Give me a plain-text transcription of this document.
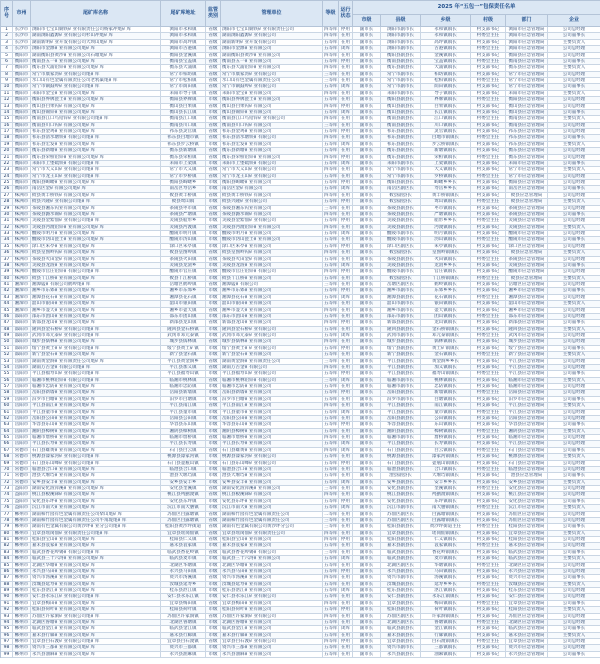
序号	市州	尾矿库名称	尾矿库地址	监管类别	管理单位	等级 运行状态
2025 年“五包一”包保责任名单
市级	县级	乡级	村级	部门	企业
1	长沙市 浏阳市七宝山铜铁矿业有限责任公司杨家冲尾矿库	浏阳市永和镇	省级	浏阳市七宝山铜铁矿业有限责任公司	四等库 停用	副市长	浏阳市副市长	永和镇镇长	村支部书记	浏阳市应急管理局	公司总经理
2	长沙市 湖南浏阳鑫源矿业有限公司杉山冲尾矿库	浏阳市永和镇	省级	湖南浏阳鑫源矿业有限公司	四等库 在用	副市长	浏阳市副市长	永和镇镇长	村委会主任	浏阳市应急管理局	公司董事长
3	长沙市 湖南新明矿业开发有限公司大坝山尾矿库	浏阳市高坪镇	省级	湖南新明矿业开发有限公司	五等库 在用	副市长	浏阳市副市长	高坪镇镇长	村支部书记	浏阳市应急管理局	主要负责人
4	长沙市 浏阳市金源矿业有限公司尾矿库	浏阳市古港镇	省级	浏阳市金源矿业有限公司	五等库 闭库	副市长	浏阳市副市长	古港镇镇长	村委会主任	浏阳市应急管理局	公司总经理
5	衡阳市 湖南衡阳县黄沙矿业有限公司石塘尾矿库	衡阳县金溪镇	省级	湖南衡阳县黄沙矿业有限公司	四等库 在用	副市长	衡阳县副县长	金溪镇镇长	村支部书记	衡阳县应急管理局	公司总经理
6	衡阳市 衡南县五一矿业有限公司尾矿库	衡南县宝盖镇	省级	衡南县五一矿业有限公司	五等库 停用	副市长	衡南县副县长	宝盖镇镇长	村委会主任	衡南县应急管理局	公司董事长
7	衡阳市 衡东县大浦铅锌矿业有限公司尾矿库	衡东县大浦镇	省级	衡东县大浦铅锌矿业有限公司	四等库 在用	副市长	衡东县副县长	大浦镇镇长	村支部书记	衡东县应急管理局	主要负责人
8	衡阳市 常宁市康家湾矿业有限公司尾矿库	常宁市柏坊镇	省级	常宁市康家湾矿业有限公司	三等库 在用	副市长	常宁市副市长	柏坊镇镇长	村支部书记	常宁市应急管理局	公司总经理
9	衡阳市 水口山有色金属有限责任公司老鸦巢尾矿库	常宁市松柏镇	省级	水口山有色金属有限责任公司	三等库 在用	副市长	常宁市副市长	松柏镇镇长	村委会主任	常宁市应急管理局	公司总经理
10	衡阳市 常宁市铜鼓岭矿业有限公司尾矿库	常宁市荫田镇	省级	常宁市铜鼓岭矿业有限公司	五等库 闭库	副市长	常宁市副市长	荫田镇镇长	村支部书记	常宁市应急管理局	公司董事长
11	衡阳市 耒阳市金宝矿业有限公司尾矿库	耒阳市导子镇	省级	耒阳市金宝矿业有限公司	四等库 在用	副市长	耒阳市副市长	导子镇镇长	村支部书记	耒阳市应急管理局	主要负责人
12	衡阳市 衡阳县界牌瓷土矿业有限公司尾矿库	衡阳县界牌镇	市级	衡阳县界牌瓷土矿业有限公司	五等库 在用	副市长	衡阳县副县长	界牌镇镇长	村委会主任	衡阳县应急管理局	公司总经理
13	衡阳市 衡山县白果钨矿有限公司尾矿库	衡山县白果镇	省级	衡山县白果钨矿有限公司	四等库 停用	副市长	衡山县副县长	白果镇镇长	村支部书记	衡山县应急管理局	公司总经理
14	衡阳市 衡山县锡锌矿业有限公司尾矿库	衡山县长江镇	市级	衡山县锡锌矿业有限公司	五等库 闭库	副市长	衡山县副县长	长江镇镇长	村支部书记	衡山县应急管理局	公司董事长
15	衡阳市 衡南县江口鸟铅锌矿业有限公司尾矿库	衡南县江口镇	省级	衡南县江口鸟铅锌矿业有限公司	四等库 在用	副市长	衡南县副县长	江口镇镇长	村委会主任	衡南县应急管理局	主要负责人
16	衡阳市 衡南县川口钨矿有限公司尾矿库	衡南县川口镇	省级	衡南县川口钨矿有限公司	三等库 在用	副市长	衡南县副县长	川口镇镇长	村支部书记	衡南县应急管理局	公司总经理
17	衡阳市 祁东县金鸡矿业有限公司尾矿库	祁东县灵官镇	省级	祁东县金鸡矿业有限公司	五等库 停用	副市长	祁东县副县长	灵官镇镇长	村支部书记	祁东县应急管理局	公司总经理
18	衡阳市 祁东县清水塘铁矿有限公司尾矿库	祁东县白地市镇	省级	祁东县清水塘铁矿有限公司	四等库 在用	副市长	祁东县副县长	白地市镇镇长	村委会主任	祁东县应急管理局	公司董事长
19	衡阳市 祁东县宏发矿业有限公司尾矿库	祁东县步云桥镇	市级	祁东县宏发矿业有限公司	五等库 闭库	副市长	祁东县副县长	步云桥镇镇长	村支部书记	祁东县应急管理局	主要负责人
20	衡阳市 衡东县新塘矿业有限公司尾矿库	衡东县新塘镇	省级	衡东县新塘矿业有限公司	五等库 在用	副市长	衡东县副县长	新塘镇镇长	村支部书记	衡东县应急管理局	公司总经理
21	衡阳市 衡东县荣桓铅锌矿业有限公司尾矿库	衡东县荣桓镇	省级	衡东县荣桓铅锌矿业有限公司	四等库 停用	副市长	衡东县副县长	荣桓镇镇长	村委会主任	衡东县应急管理局	公司总经理
22	衡阳市 耒阳市上堡硫铁矿有限公司尾矿库	耒阳市上架镇	市级	耒阳市上堡硫铁矿有限公司	五等库 闭库	副市长	耒阳市副市长	上架镇镇长	村支部书记	耒阳市应急管理局	公司董事长
23	衡阳市 常宁市大义山矿业有限公司尾矿库	常宁市大义镇	省级	常宁市大义山矿业有限公司	四等库 在用	副市长	常宁市副市长	大义镇镇长	村支部书记	常宁市应急管理局	主要负责人
24	衡阳市 常宁市龙王山矿业有限公司尾矿库	常宁市罗桥镇	省级	常宁市龙王山矿业有限公司	五等库 在用	副市长	常宁市副市长	罗桥镇镇长	村委会主任	常宁市应急管理局	公司总经理
25	衡阳市 衡阳县岣嵝矿业有限公司尾矿库	衡阳县岣嵝乡	市级	衡阳县岣嵝矿业有限公司	五等库 停用	副市长	衡阳县副县长	岣嵝乡乡长	村支部书记	衡阳县应急管理局	公司总经理
26	衡阳市 南岳区金矿有限公司尾矿库	南岳区寿岳乡	市级	南岳区金矿有限公司	五等库 闭库	副市长	南岳区副区长	寿岳乡乡长	村支部书记	南岳区应急管理局	公司董事长
27	株洲市 攸县黄丰桥铁矿有限公司尾矿库	攸县黄丰桥镇	省级	攸县黄丰桥铁矿有限公司	四等库 在用	副市长	攸县副县长	黄丰桥镇镇长	村支部书记	攸县应急管理局	公司总经理
28	株洲市 攸县兴隆矿业有限公司尾矿库	攸县鸾山镇	市级	攸县兴隆矿业有限公司	五等库 停用	副市长	攸县副县长	鸾山镇镇长	村委会主任	攸县应急管理局	主要负责人
29	株洲市 茶陵县湘东钨业有限公司尾矿库	茶陵县枣市镇	省级	茶陵县湘东钨业有限公司	三等库 在用	副市长	茶陵县副县长	枣市镇镇长	村支部书记	茶陵县应急管理局	公司总经理
30	株洲市 茶陵县潞水锡矿有限公司尾矿库	茶陵县严塘镇	省级	茶陵县潞水锡矿有限公司	四等库 在用	副市长	茶陵县副县长	严塘镇镇长	村支部书记	茶陵县应急管理局	公司董事长
31	株洲市 炎陵县金紫仙矿业有限公司尾矿库	炎陵县船形乡	市级	炎陵县金紫仙矿业有限公司	五等库 停用	副市长	炎陵县副县长	船形乡乡长	村委会主任	炎陵县应急管理局	公司总经理
32	株洲市 炎陵县沔渡铅锌矿业有限公司尾矿库	炎陵县沔渡镇	省级	炎陵县沔渡铅锌矿业有限公司	四等库 在用	副市长	炎陵县副县长	沔渡镇镇长	村支部书记	炎陵县应急管理局	主要负责人
33	株洲市 醴陵市明月矿业有限公司尾矿库	醴陵市明月镇	市级	醴陵市明月矿业有限公司	五等库 闭库	副市长	醴陵市副市长	明月镇镇长	村支部书记	醴陵市应急管理局	公司总经理
34	株洲市 醴陵市沩山瓷土矿业有限公司尾矿库	醴陵市沩山镇	市级	醴陵市沩山瓷土矿业有限公司	五等库 在用	副市长	醴陵市副市长	沩山镇镇长	村委会主任	醴陵市应急管理局	公司董事长
35	株洲市 渌口区朱亭矿业有限公司尾矿库	渌口区朱亭镇	市级	渌口区朱亭矿业有限公司	五等库 停用	副市长	渌口区副区长	朱亭镇镇长	村支部书记	渌口区应急管理局	公司总经理
36	株洲市 攸县皇图岭钨矿有限公司尾矿库	攸县皇图岭镇	省级	攸县皇图岭钨矿有限公司	四等库 在用	副市长	攸县副县长	皇图岭镇镇长	村支部书记	攸县应急管理局	主要负责人
37	株洲市 茶陵县火田金矿有限公司尾矿库	茶陵县火田镇	省级	茶陵县火田金矿有限公司	五等库 在用	副市长	茶陵县副县长	火田镇镇长	村委会主任	茶陵县应急管理局	公司总经理
38	株洲市 炎陵县龙渣矿业有限公司尾矿库	炎陵县龙渣乡	市级	炎陵县龙渣矿业有限公司	五等库 闭库	副市长	炎陵县副县长	龙渣乡乡长	村支部书记	炎陵县应急管理局	公司董事长
39	株洲市 醴陵市官庄铅锌矿有限公司尾矿库	醴陵市官庄镇	省级	醴陵市官庄铅锌矿有限公司	四等库 停用	副市长	醴陵市副市长	官庄镇镇长	村支部书记	醴陵市应急管理局	公司总经理
40	株洲市 攸县丫江桥矿业有限公司尾矿库	攸县丫江桥镇	市级	攸县丫江桥矿业有限公司	五等库 在用	副市长	攸县副县长	丫江桥镇镇长	村委会主任	攸县应急管理局	主要负责人
41	湘潭市 湘潭锰矿有限公司鹤岭尾矿库	岳塘区鹤岭镇	省级	湘潭锰矿有限公司	三等库 在用	副市长	岳塘区副区长	鹤岭镇镇长	村支部书记	岳塘区应急管理局	公司总经理
42	湘潭市 湘乡市东郊矿业有限公司尾矿库	湘乡市东郊乡	市级	湘乡市东郊矿业有限公司	五等库 停用	副市长	湘乡市副市长	东郊乡乡长	村支部书记	湘乡市应急管理局	公司董事长
43	湘潭市 湘潭县花石矿业有限公司尾矿库	湘潭县花石镇	市级	湘潭县花石矿业有限公司	五等库 闭库	副市长	湘潭县副县长	花石镇镇长	村委会主任	湘潭县应急管理局	公司总经理
44	湘潭市 韶山市银田矿业有限公司尾矿库	韶山市银田镇	市级	韶山市银田矿业有限公司	五等库 在用	副市长	韶山市副市长	银田镇镇长	村支部书记	韶山市应急管理局	主要负责人
45	湘潭市 湘乡市壶天矿业有限公司尾矿库	湘乡市壶天镇	省级	湘乡市壶天矿业有限公司	四等库 在用	副市长	湘乡市副市长	壶天镇镇长	村支部书记	湘乡市应急管理局	公司总经理
46	邵阳市 邵东市团山矿业有限公司尾矿库	邵东市团山镇	市级	邵东市团山矿业有限公司	五等库 在用	副市长	邵东市副市长	团山镇镇长	村委会主任	邵东市应急管理局	公司总经理
47	邵阳市 新邵县龙山矿业有限公司尾矿库	新邵县龙山镇	省级	新邵县龙山矿业有限公司	四等库 停用	副市长	新邵县副县长	龙山镇镇长	村支部书记	新邵县应急管理局	公司董事长
48	邵阳市 隆回县金石桥矿业有限公司尾矿库	隆回县金石桥镇	市级	隆回县金石桥矿业有限公司	五等库 在用	副市长	隆回县副县长	金石桥镇镇长	村支部书记	隆回县应急管理局	主要负责人
49	邵阳市 武冈市邓元泰矿业有限公司尾矿库	武冈市邓元泰镇	市级	武冈市邓元泰矿业有限公司	五等库 闭库	副市长	武冈市副市长	邓元泰镇镇长	村委会主任	武冈市应急管理局	公司总经理
50	邵阳市 城步县儒林矿业有限公司尾矿库	城步县儒林镇	省级	城步县儒林矿业有限公司	四等库 在用	副市长	城步县副县长	儒林镇镇长	村支部书记	城步县应急管理局	公司总经理
51	邵阳市 绥宁县黄土矿矿业有限公司尾矿库	绥宁县黄土矿镇	市级	绥宁县黄土矿矿业有限公司	五等库 停用	副市长	绥宁县副县长	黄土矿镇镇长	村支部书记	绥宁县应急管理局	公司董事长
52	邵阳市 新宁县金石矿业有限公司尾矿库	新宁县金石镇	市级	新宁县金石矿业有限公司	五等库 在用	副市长	新宁县副县长	金石镇镇长	村委会主任	新宁县应急管理局	主要负责人
53	岳阳市 湖南黄金洞矿业有限责任公司尾矿库	平江县黄金洞乡	省级	湖南黄金洞矿业有限责任公司	三等库 在用	副市长	平江县副县长	黄金洞乡乡长	村支部书记	平江县应急管理局	公司总经理
54	岳阳市 湖南万古金矿有限公司尾矿库	平江县加义镇	省级	湖南万古金矿有限公司	四等库 在用	副市长	平江县副县长	加义镇镇长	村支部书记	平江县应急管理局	公司总经理
55	岳阳市 平江县福寿山矿业有限公司尾矿库	平江县福寿山镇	市级	平江县福寿山矿业有限公司	五等库 停用	副市长	平江县副县长	福寿山镇镇长	村委会主任	平江县应急管理局	公司董事长
56	岳阳市 临湘市桃林铅锌矿有限公司尾矿库	临湘市桃林镇	省级	临湘市桃林铅锌矿有限公司	三等库 闭库	副市长	临湘市副市长	桃林镇镇长	村支部书记	临湘市应急管理局	主要负责人
57	岳阳市 临湘市忠防矿业有限公司尾矿库	临湘市忠防镇	市级	临湘市忠防矿业有限公司	五等库 在用	副市长	临湘市副市长	忠防镇镇长	村支部书记	临湘市应急管理局	公司总经理
58	岳阳市 岳阳县新墙矿业有限公司尾矿库	岳阳县新墙镇	市级	岳阳县新墙矿业有限公司	五等库 停用	副市长	岳阳县副县长	新墙镇镇长	村委会主任	岳阳县应急管理局	公司总经理
59	岳阳市 汨罗市白塘矿业有限公司尾矿库	汨罗市白塘镇	市级	汨罗市白塘矿业有限公司	五等库 在用	副市长	汨罗市副市长	白塘镇镇长	村支部书记	汨罗市应急管理局	公司董事长
60	岳阳市 平江县南江矿业有限公司尾矿库	平江县南江镇	省级	平江县南江矿业有限公司	四等库 在用	副市长	平江县副县长	南江镇镇长	村支部书记	平江县应急管理局	主要负责人
61	岳阳市 平江县童市矿业有限公司尾矿库	平江县童市镇	市级	平江县童市矿业有限公司	五等库 闭库	副市长	平江县副县长	童市镇镇长	村委会主任	平江县应急管理局	公司总经理
62	岳阳市 岳阳县公田矿业有限公司尾矿库	岳阳县公田镇	市级	岳阳县公田矿业有限公司	五等库 在用	副市长	岳阳县副县长	公田镇镇长	村支部书记	岳阳县应急管理局	公司总经理
63	岳阳市 华容县东山矿业有限公司尾矿库	华容县东山镇	市级	华容县东山矿业有限公司	五等库 停用	副市长	华容县副县长	东山镇镇长	村支部书记	华容县应急管理局	公司董事长
64	岳阳市 湘阴县樟树矿业有限公司尾矿库	湘阴县樟树镇	市级	湘阴县樟树矿业有限公司	五等库 在用	副市长	湘阴县副县长	樟树镇镇长	村委会主任	湘阴县应急管理局	主要负责人
65	岳阳市 临湘市詹桥矿业有限公司尾矿库	临湘市詹桥镇	省级	临湘市詹桥矿业有限公司	四等库 在用	副市长	临湘市副市长	詹桥镇镇长	村支部书记	临湘市应急管理局	公司总经理
66	岳阳市 平江县长寿矿业有限公司尾矿库	平江县长寿镇	市级	平江县长寿矿业有限公司	五等库 闭库	副市长	平江县副县长	长寿镇镇长	村支部书记	平江县应急管理局	公司总经理
67	常德市 石门县雄黄矿业有限公司尾矿库	石门县白云镇	省级	石门县雄黄矿业有限公司	四等库 闭库	副市长	石门县副县长	白云镇镇长	村委会主任	石门县应急管理局	公司董事长
68	常德市 桃源县漆家河矿业有限公司尾矿库	桃源县漆家河镇	市级	桃源县漆家河矿业有限公司	五等库 在用	副市长	桃源县副县长	漆家河镇镇长	村支部书记	桃源县应急管理局	主要负责人
69	常德市 石门县东山峰矿业有限公司尾矿库	石门县壶瓶山镇	市级	石门县东山峰矿业有限公司	五等库 停用	副市长	石门县副县长	壶瓶山镇镇长	村支部书记	石门县应急管理局	公司总经理
70	常德市 临澧县合口矿业有限公司尾矿库	临澧县合口镇	市级	临澧县合口矿业有限公司	五等库 在用	副市长	临澧县副县长	合口镇镇长	村委会主任	临澧县应急管理局	公司总经理
71	常德市 澧县大堰垱矿业有限公司尾矿库	澧县大堰垱镇	市级	澧县大堰垱矿业有限公司	五等库 在用	副市长	澧县副县长	大堰垱镇镇长	村支部书记	澧县应急管理局	公司董事长
72	常德市 安乡县安丰矿业有限公司尾矿库	安乡县安丰乡	市级	安乡县安丰矿业有限公司	五等库 闭库	副市长	安乡县副县长	安丰乡乡长	村支部书记	安乡县应急管理局	主要负责人
73	益阳市 湖南安化渣滓溪矿业有限公司尾矿库	安化县奎溪镇	省级	湖南安化渣滓溪矿业有限公司	三等库 在用	副市长	安化县副县长	奎溪镇镇长	村委会主任	安化县应急管理局	公司总经理
74	益阳市 桃江县板溪锑矿有限公司尾矿库	桃江县鸬鹚渡镇	省级	桃江县板溪锑矿有限公司	四等库 在用	副市长	桃江县副县长	鸬鹚渡镇镇长	村支部书记	桃江县应急管理局	公司总经理
75	益阳市 安化县东坪矿业有限公司尾矿库	安化县东坪镇	市级	安化县东坪矿业有限公司	五等库 停用	副市长	安化县副县长	东坪镇镇长	村支部书记	安化县应急管理局	公司董事长
76	益阳市 沅江市南大矿业有限公司尾矿库	沅江市南大膳镇	市级	沅江市南大矿业有限公司	五等库 闭库	副市长	沅江市副市长	南大膳镇镇长	村委会主任	沅江市应急管理局	主要负责人
77	郴州市 湖南柿竹园有色金属有限责任公司柴山尾矿库	苏仙区白露塘镇	省级	湖南柿竹园有色金属有限责任公司	二等库 在用	副市长	苏仙区副区长	白露塘镇镇长	村支部书记	苏仙区应急管理局	公司总经理
78	郴州市 湖南柿竹园有色金属有限责任公司牛角垅尾矿库	苏仙区白露塘镇	省级	湖南柿竹园有色金属有限责任公司	三等库 在用	副市长	苏仙区副区长	白露塘镇镇长	村支部书记	苏仙区应急管理局	公司总经理
79	郴州市 湖南有色金属有限公司黄沙坪矿业分公司尾矿库	桂阳县黄沙坪街道	省级	湖南有色金属有限公司黄沙坪分公司	三等库 在用	副市长	桂阳县副县长	黄沙坪街道主任	村委会主任	桂阳县应急管理局	公司董事长
80	郴州市 宜章县瑶岗仙矿业有限责任公司尾矿库	宜章县瑶岗仙镇	省级	宜章县瑶岗仙矿业有限责任公司	四等库 在用	副市长	宜章县副县长	瑶岗仙镇镇长	村支部书记	宜章县应急管理局	主要负责人
81	郴州市 桂阳县宝山矿业有限公司尾矿库	桂阳县仁义镇	省级	桂阳县宝山矿业有限公司	四等库 停用	副市长	桂阳县副县长	仁义镇镇长	村支部书记	桂阳县应急管理局	公司总经理
82	郴州市 嘉禾县袁家矿业有限公司尾矿库	嘉禾县袁家镇	市级	嘉禾县袁家矿业有限公司	五等库 在用	副市长	嘉禾县副县长	袁家镇镇长	村委会主任	嘉禾县应急管理局	公司总经理
83	郴州市 临武县香花岭锡矿有限公司尾矿库	临武县香花岭镇	省级	临武县香花岭锡矿有限公司	三等库 在用	副市长	临武县副县长	香花岭镇镇长	村支部书记	临武县应急管理局	公司董事长
84	郴州市 临武县三十六湾矿业有限公司尾矿库	临武县麦市镇	市级	临武县三十六湾矿业有限公司	五等库 闭库	副市长	临武县副县长	麦市镇镇长	村支部书记	临武县应急管理局	主要负责人
85	郴州市 北湖区华塘矿业有限公司尾矿库	北湖区华塘镇	市级	北湖区华塘矿业有限公司	五等库 在用	副市长	北湖区副区长	华塘镇镇长	村委会主任	北湖区应急管理局	公司总经理
86	郴州市 永兴县马田矿业有限公司尾矿库	永兴县马田镇	市级	永兴县马田矿业有限公司	五等库 停用	副市长	永兴县副县长	马田镇镇长	村支部书记	永兴县应急管理局	公司总经理
87	郴州市 资兴市汤溪矿业有限公司尾矿库	资兴市汤溪镇	省级	资兴市汤溪矿业有限公司	四等库 在用	副市长	资兴市副市长	汤溪镇镇长	村支部书记	资兴市应急管理局	公司董事长
88	郴州市 汝城县延寿矿业有限公司尾矿库	汝城县延寿乡	市级	汝城县延寿矿业有限公司	五等库 在用	副市长	汝城县副县长	延寿乡乡长	村委会主任	汝城县应急管理局	主要负责人
89	郴州市 桂东县沤江矿业有限公司尾矿库	桂东县沤江镇	市级	桂东县沤江矿业有限公司	五等库 闭库	副市长	桂东县副县长	沤江镇镇长	村支部书记	桂东县应急管理局	公司总经理
90	郴州市 安仁县永乐江矿业有限公司尾矿库	安仁县永乐江镇	市级	安仁县永乐江矿业有限公司	五等库 在用	副市长	安仁县副县长	永乐江镇镇长	村支部书记	安仁县应急管理局	公司总经理
91	郴州市 宜章县梅田矿业有限公司尾矿库	宜章县梅田镇	省级	宜章县梅田矿业有限公司	四等库 在用	副市长	宜章县副县长	梅田镇镇长	村委会主任	宜章县应急管理局	公司董事长
92	郴州市 桂阳县荷叶矿业有限公司尾矿库	桂阳县荷叶镇	市级	桂阳县荷叶矿业有限公司	五等库 停用	副市长	桂阳县副县长	荷叶镇镇长	村支部书记	桂阳县应急管理局	主要负责人
93	郴州市 苏仙区许家洞矿业有限公司尾矿库	苏仙区许家洞镇	省级	苏仙区许家洞矿业有限公司	四等库 在用	副市长	苏仙区副区长	许家洞镇镇长	村支部书记	苏仙区应急管理局	公司总经理
94	郴州市 北湖区鲁塘矿业有限公司尾矿库	北湖区鲁塘镇	市级	北湖区鲁塘矿业有限公司	五等库 在用	副市长	北湖区副区长	鲁塘镇镇长	村委会主任	北湖区应急管理局	公司总经理
95	郴州市 临武县金江矿业有限公司尾矿库	临武县金江镇	市级	临武县金江矿业有限公司	五等库 闭库	副市长	临武县副县长	金江镇镇长	村支部书记	临武县应急管理局	公司董事长
96	郴州市 嘉禾县行廊矿业有限公司尾矿库	嘉禾县行廊镇	市级	嘉禾县行廊矿业有限公司	五等库 在用	副市长	嘉禾县副县长	行廊镇镇长	村支部书记	嘉禾县应急管理局	主要负责人
97	郴州市 宜章县白石渡矿业有限公司尾矿库	宜章县白石渡镇	省级	宜章县白石渡矿业有限公司	四等库 停用	副市长	宜章县副县长	白石渡镇镇长	村委会主任	宜章县应急管理局	公司总经理
98	郴州市 资兴市三都矿业有限公司尾矿库	资兴市三都镇	市级	资兴市三都矿业有限公司	五等库 在用	副市长	资兴市副市长	三都镇镇长	村支部书记	资兴市应急管理局	公司总经理
99	郴州市 永兴县油麻矿业有限公司尾矿库	永兴县油麻镇	市级	永兴县油麻矿业有限公司	五等库 在用	副市长	永兴县副县长	油麻镇镇长	村支部书记	永兴县应急管理局	公司董事长
